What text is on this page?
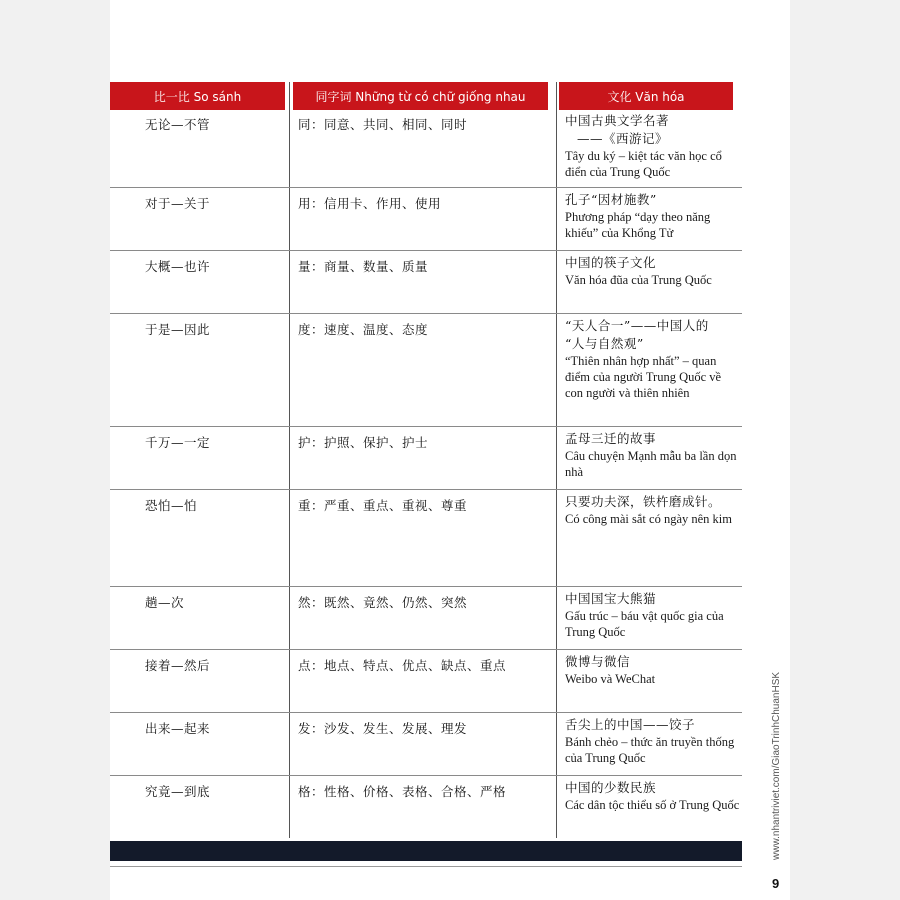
比一比 So sánh	同字词 Những từ có chữ giống nhau	文化 Văn hóa
无论—不管	同：同意、共同、相同、同时	中国古典文学名著
——《西游记》
Tây du ký – kiệt tác văn học cổ điển của Trung Quốc
对于—关于	用：信用卡、作用、使用	孔子“因材施教”
Phương pháp “dạy theo năng khiếu” của Khổng Tử
大概—也许	量：商量、数量、质量	中国的筷子文化
Văn hóa đũa của Trung Quốc
于是—因此	度：速度、温度、态度	“天人合一”——中国人的
“人与自然观”
“Thiên nhân hợp nhất” – quan điểm của người Trung Quốc về con người và thiên nhiên
千万—一定	护：护照、保护、护士	孟母三迁的故事
Câu chuyện Mạnh mẫu ba lần dọn nhà
恐怕—怕	重：严重、重点、重视、尊重	只要功夫深，铁杵磨成针。
Có công mài sắt có ngày nên kim
趟—次	然：既然、竟然、仍然、突然	中国国宝大熊猫
Gấu trúc – báu vật quốc gia của Trung Quốc
接着—然后	点：地点、特点、优点、缺点、重点	微博与微信
Weibo và WeChat
出来—起来	发：沙发、发生、发展、理发	舌尖上的中国——饺子
Bánh chẻo – thức ăn truyền thống của Trung Quốc
究竟—到底	格：性格、价格、表格、合格、严格	中国的少数民族
Các dân tộc thiểu số ở Trung Quốc	www.nhantriviet.com/GiaoTrinhChuanHSK
9
